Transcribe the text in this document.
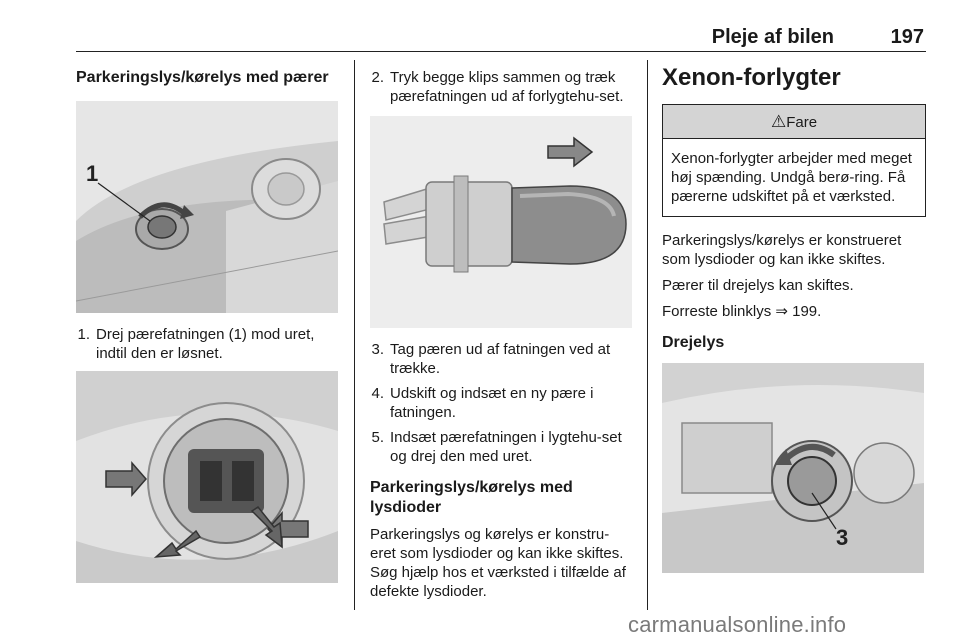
Pleje af bilen	197
Parkeringslys/kørelys med pærer
1
1. Drej pærefatningen (1) mod uret, indtil den er løsnet.
2. Tryk begge klips sammen og træk pærefatningen ud af forlygtehu-set.
3. Tag pæren ud af fatningen ved at trække.
4. Udskift og indsæt en ny pære i fatningen.
5. Indsæt pærefatningen i lygtehu-set og drej den med uret.
Parkeringslys/kørelys med lysdioder

Parkeringslys og kørelys er konstru-eret som lysdioder og kan ikke skiftes. Søg hjælp hos et værksted i tilfælde af defekte lysdioder.

Xenon-forlygter
⚠Fare
Xenon-forlygter arbejder med meget høj spænding. Undgå berø-ring. Få pærerne udskiftet på et værksted.

Parkeringslys/kørelys er konstrueret som lysdioder og kan ikke skiftes.

Pærer til drejelys kan skiftes.

Forreste blinklys ⇒ 199.

Drejelys
3
carmanualsonline.info
